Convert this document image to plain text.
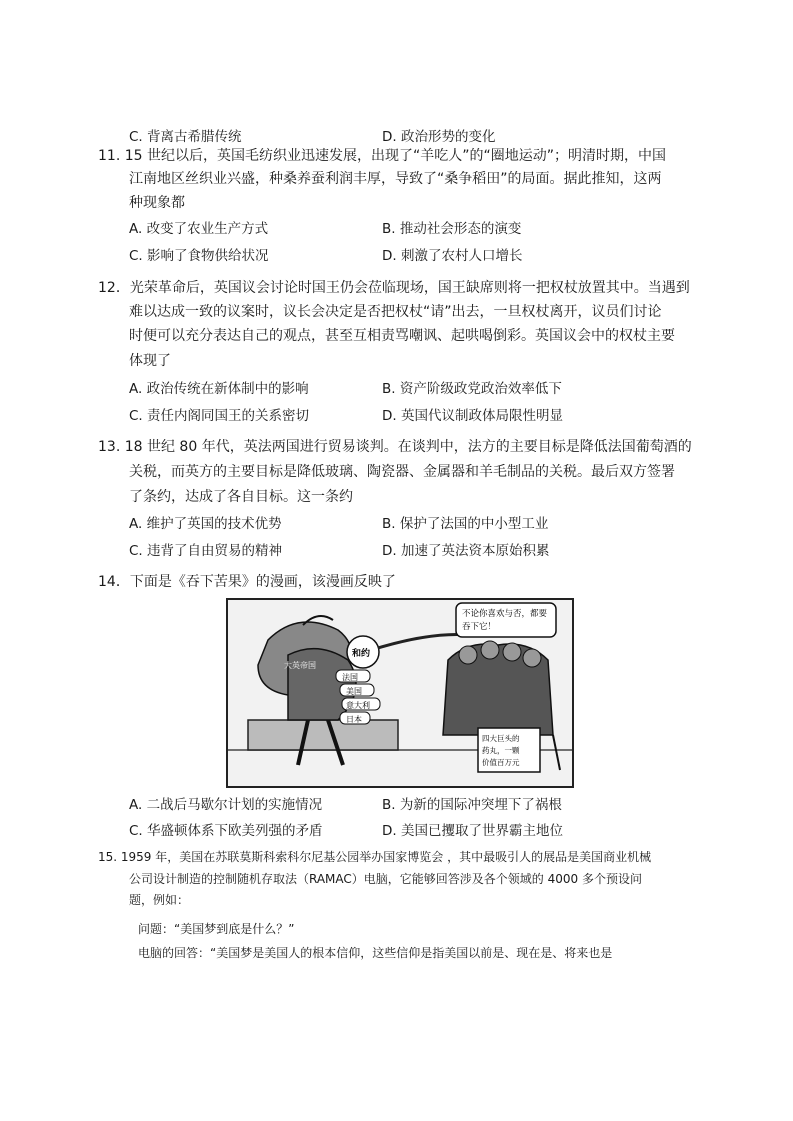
C. 背离古希腊传统	D. 政治形势的变化
11. 15 世纪以后，英国毛纺织业迅速发展，出现了“羊吃人”的“圈地运动”；明清时期，中国
江南地区丝织业兴盛，种桑养蚕利润丰厚，导致了“桑争稻田”的局面。据此推知，这两
种现象都
A. 改变了农业生产方式	B. 推动社会形态的演变
C. 影响了食物供给状况	D. 刺激了农村人口增长
12．光荣革命后，英国议会讨论时国王仍会莅临现场，国王缺席则将一把权杖放置其中。当遇到
难以达成一致的议案时，议长会决定是否把权杖“请”出去，一旦权杖离开，议员们讨论
时便可以充分表达自己的观点，甚至互相责骂嘲讽、起哄喝倒彩。英国议会中的权杖主要
体现了
A. 政治传统在新体制中的影响	B. 资产阶级政党政治效率低下
C. 责任内阁同国王的关系密切	D. 英国代议制政体局限性明显
13. 18 世纪 80 年代，英法两国进行贸易谈判。在谈判中，法方的主要目标是降低法国葡萄酒的
关税，而英方的主要目标是降低玻璃、陶瓷器、金属器和羊毛制品的关税。最后双方签署
了条约，达成了各自目标。这一条约
A. 维护了英国的技术优势	B. 保护了法国的中小型工业
C. 违背了自由贸易的精神	D. 加速了英法资本原始积累
14．下面是《吞下苦果》的漫画，该漫画反映了
不论你喜欢与否，都要
吞下它！
和约
大英帝国
法国
美国
意大利
日本
四大巨头的
药丸，一颗
价值百万元
A. 二战后马歇尔计划的实施情况	B. 为新的国际冲突埋下了祸根
C. 华盛顿体系下欧美列强的矛盾	D. 美国已攫取了世界霸主地位
15. 1959 年，美国在苏联莫斯科索科尔尼基公园举办国家博览会 ，其中最吸引人的展品是美国商业机械
公司设计制造的控制随机存取法（RAMAC）电脑，它能够回答涉及各个领域的 4000 多个预设问
题，例如：
问题：“美国梦到底是什么？”
电脑的回答：“美国梦是美国人的根本信仰，这些信仰是指美国以前是、现在是、将来也是
